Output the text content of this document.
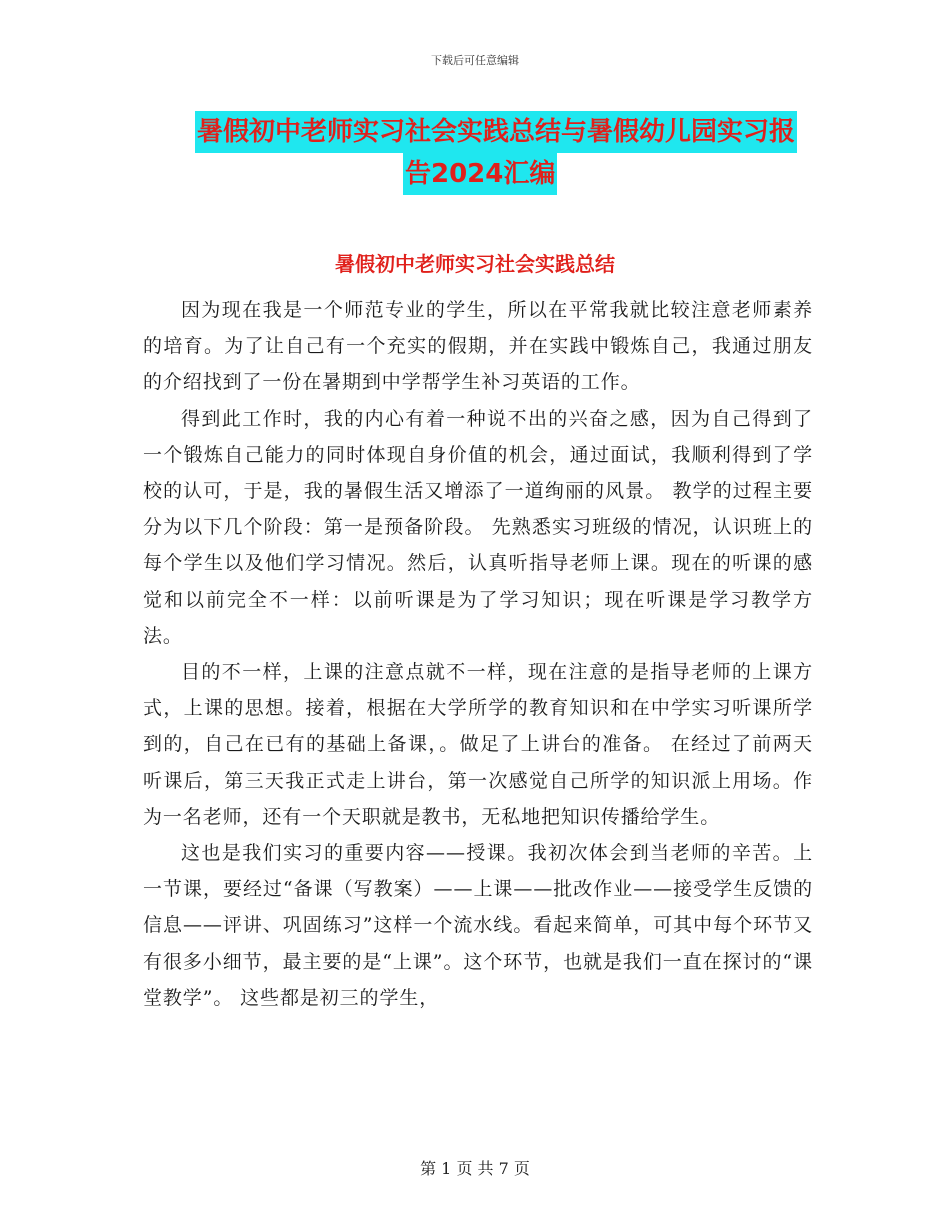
下载后可任意编辑
暑假初中老师实习社会实践总结与暑假幼儿园实习报
告2024汇编
暑假初中老师实习社会实践总结

因为现在我是一个师范专业的学生，所以在平常我就比较注意老师素养的培育。为了让自己有一个充实的假期，并在实践中锻炼自己，我通过朋友的介绍找到了一份在暑期到中学帮学生补习英语的工作。

得到此工作时，我的内心有着一种说不出的兴奋之感，因为自己得到了一个锻炼自己能力的同时体现自身价值的机会，通过面试，我顺利得到了学校的认可，于是，我的暑假生活又增添了一道绚丽的风景。 教学的过程主要分为以下几个阶段：第一是预备阶段。 先熟悉实习班级的情况，认识班上的每个学生以及他们学习情况。然后，认真听指导老师上课。现在的听课的感觉和以前完全不一样：以前听课是为了学习知识；现在听课是学习教学方法。

目的不一样，上课的注意点就不一样，现在注意的是指导老师的上课方式，上课的思想。接着，根据在大学所学的教育知识和在中学实习听课所学到的，自己在已有的基础上备课，。做足了上讲台的准备。 在经过了前两天听课后，第三天我正式走上讲台，第一次感觉自己所学的知识派上用场。作为一名老师，还有一个天职就是教书，无私地把知识传播给学生。

这也是我们实习的重要内容——授课。我初次体会到当老师的辛苦。上一节课，要经过“备课（写教案）——上课——批改作业——接受学生反馈的信息——评讲、巩固练习”这样一个流水线。看起来简单，可其中每个环节又有很多小细节，最主要的是“上课”。这个环节，也就是我们一直在探讨的“课堂教学”。 这些都是初三的学生，

第 1 页 共 7 页
